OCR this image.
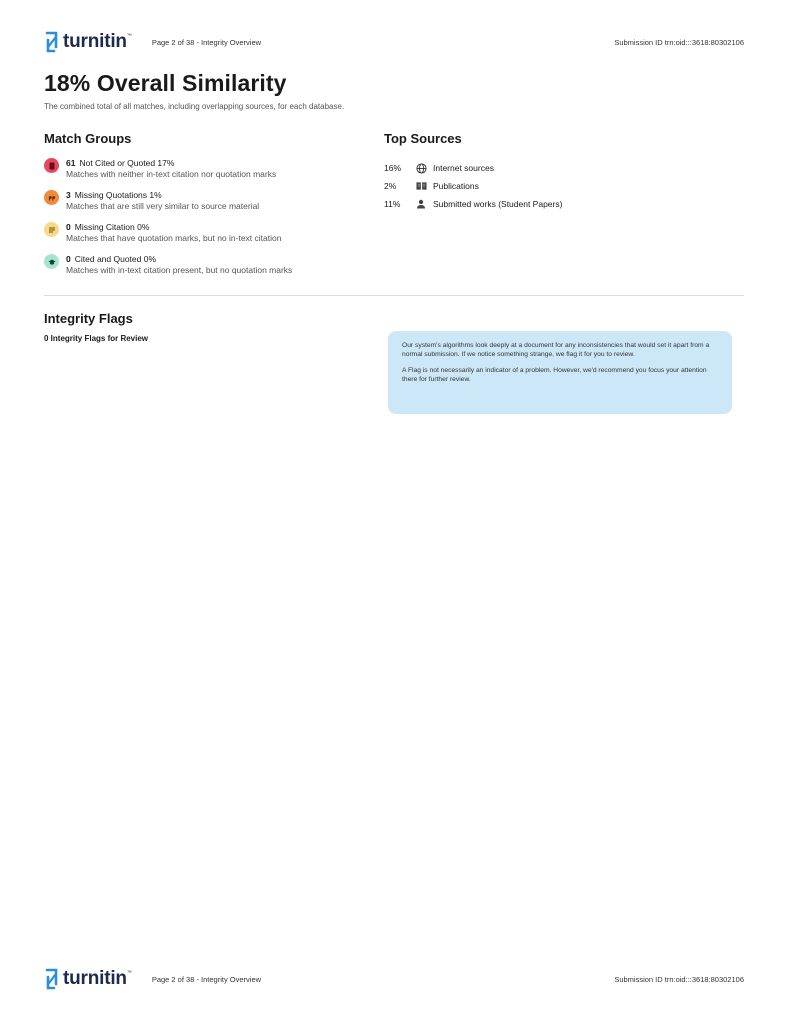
turnitin ™
Page 2 of 38 - Integrity Overview	Submission ID trn:oid:::3618:80302106
18% Overall Similarity
The combined total of all matches, including overlapping sources, for each database.
Match Groups
61 Not Cited or Quoted 17%
Matches with neither in-text citation nor quotation marks
3 Missing Quotations 1%
Matches that are still very similar to source material
0 Missing Citation 0%
Matches that have quotation marks, but no in-text citation
0 Cited and Quoted 0%
Matches with in-text citation present, but no quotation marks
Top Sources
16%	Internet sources
2%	Publications
11%	Submitted works (Student Papers)
Integrity Flags
0 Integrity Flags for Review

Our system's algorithms look deeply at a document for any inconsistencies that would set it apart from a normal submission. If we notice something strange, we flag it for you to review.

A Flag is not necessarily an indicator of a problem. However, we'd recommend you focus your attention there for further review.

turnitin ™
Page 2 of 38 - Integrity Overview	Submission ID trn:oid:::3618:80302106
